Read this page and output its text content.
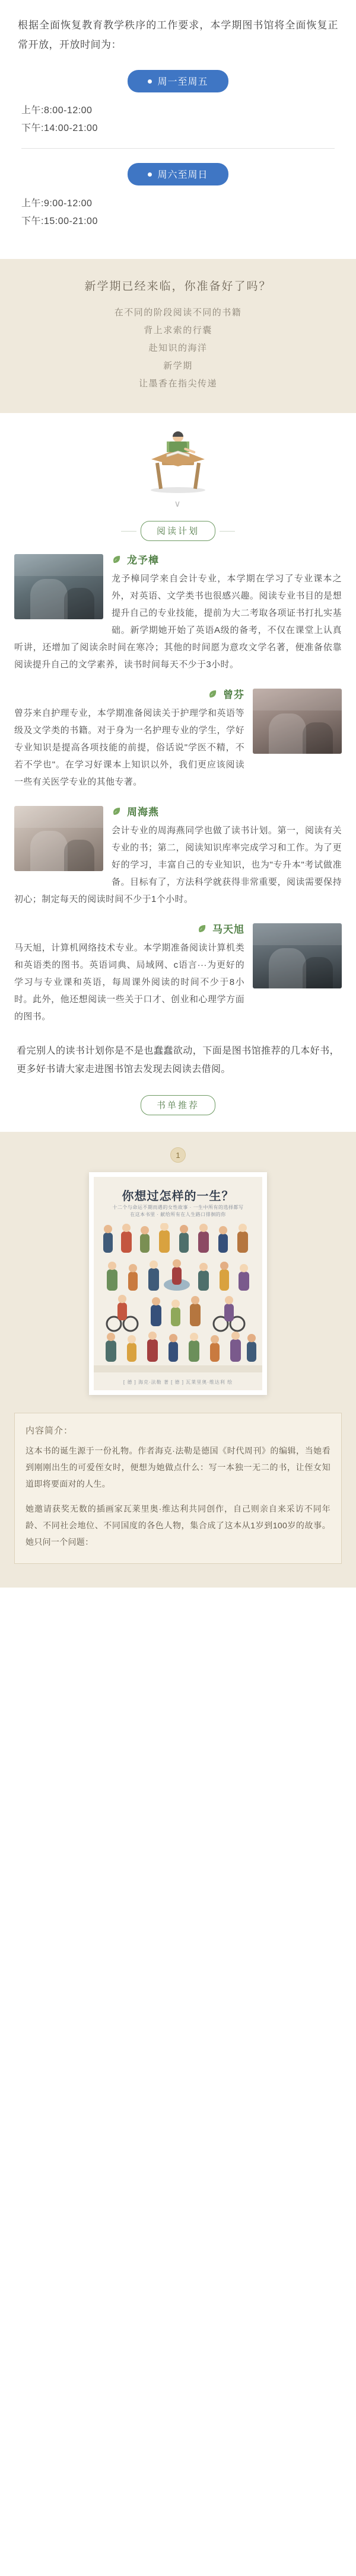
根据全面恢复教育教学秩序的工作要求，本学期图书馆将全面恢复正常开放，开放时间为：
周一至周五
上午:8:00-12:00
下午:14:00-21:00
周六至周日
上午:9:00-12:00
下午:15:00-21:00
新学期已经来临，你准备好了吗？
在不同的阶段阅读不同的书籍
背上求索的行囊
赴知识的海洋
新学期
让墨香在指尖传递
∨
阅读计划
龙予樟
龙予樟同学来自会计专业，本学期在学习了专业课本之外，对英语、文学类书也很感兴趣。阅读专业书目的是想提升自己的专业技能，提前为大二考取各项证书打扎实基础。新学期她开始了英语A级的备考，不仅在课堂上认真听讲，还增加了阅读余时间在寒冷；其他的时间愿为意攻文学名著，便准备依靠阅读提升自己的文学素养，读书时间每天不少于3小时。
曾芬
曾芬来自护理专业，本学期准备阅读关于护理学和英语等级及文学类的书籍。对于身为一名护理专业的学生，学好专业知识是提高各项技能的前提，俗话说"学医不精，不若不学也"。在学习好课本上知识以外，我们更应该阅读一些有关医学专业的其他专著。
周海燕
会计专业的周海燕同学也做了读书计划。第一，阅读有关专业的书；第二，阅读知识库率完成学习和工作。为了更好的学习，丰富自己的专业知识，也为"专升本"考试做准备。目标有了，方法科学就获得非常重要，阅读需要保持初心；制定每天的阅读时间不少于1个小时。
马天旭
马天旭，计算机网络技术专业。本学期准备阅读计算机类和英语类的图书。英语词典、局域网、c语言···为更好的学习与专业课和英语，每周课外阅读的时间不少于8小时。此外，他还想阅读一些关于口才、创业和心理学方面的图书。
看完别人的读书计划你是不是也蠢蠢欲动，下面是图书馆推荐的几本好书，更多好书请大家走进图书馆去发现去阅读去借阅。
书单推荐
1
你想过怎样的一生？
十二个与命运不期而遇的女性故事 · 一生中所有的选择都写在这本书里 · 献给所有在人生路口徘徊的你
[ 德 ] 海克·法勒 著 [ 德 ] 瓦莱里奥·维达利 绘
内容简介：
这本书的诞生源于一份礼物。作者海克·法勒是德国《时代周刊》的编辑，当她看到刚刚出生的可爱侄女时，便想为她做点什么：写一本独一无二的书，让侄女知道即将要面对的人生。
她邀请获奖无数的插画家瓦莱里奥·维达利共同创作，自己则亲自来采访不同年龄、不同社会地位、不同国度的各色人物，集合成了这本从1岁到100岁的故事。她只问一个问题：
